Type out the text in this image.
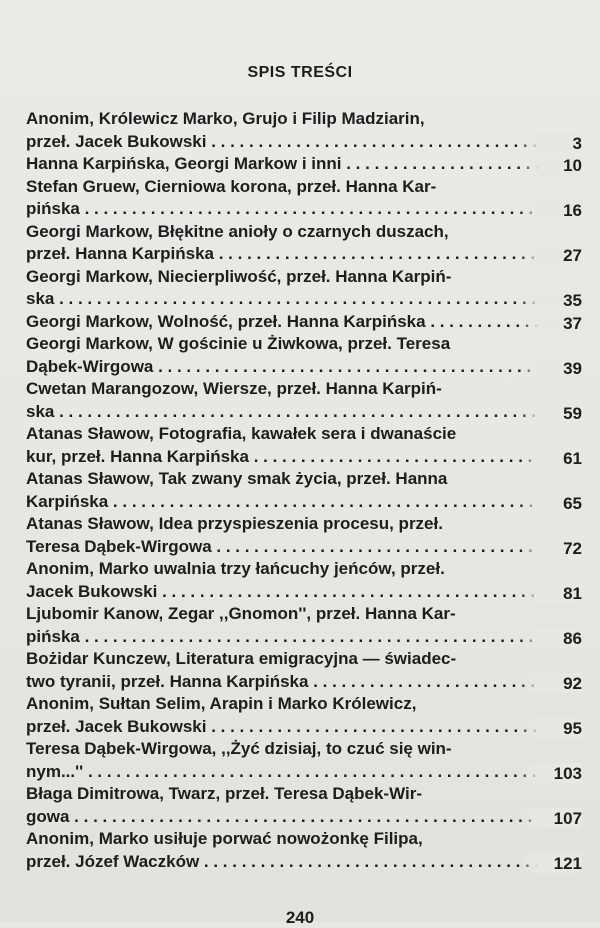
SPIS TREŚCI
Anonim, Królewicz Marko, Grujo i Filip Madziarin,
przeł. Jacek Bukowski . . .	3
Hanna Karpińska, Georgi Markow i inni . . .	10
Stefan Gruew, Cierniowa korona, przeł. Hanna Kar-
pińska . . .	16
Georgi Markow, Błękitne anioły o czarnych duszach,
przeł. Hanna Karpińska . . .	27
Georgi Markow, Niecierpliwość, przeł. Hanna Karpiń-
ska . . .	35
Georgi Markow, Wolność, przeł. Hanna Karpińska . . .	37
Georgi Markow, W gościnie u Żiwkowa, przeł. Teresa
Dąbek-Wirgowa . . .	39
Cwetan Marangozow, Wiersze, przeł. Hanna Karpiń-
ska . . .	59
Atanas Sławow, Fotografia, kawałek sera i dwanaście
kur, przeł. Hanna Karpińska . . .	61
Atanas Sławow, Tak zwany smak życia, przeł. Hanna
Karpińska . . .	65
Atanas Sławow, Idea przyspieszenia procesu, przeł.
Teresa Dąbek-Wirgowa . . .	72
Anonim, Marko uwalnia trzy łańcuchy jeńców, przeł.
Jacek Bukowski . . .	81
Ljubomir Kanow, Zegar ,,Gnomon'', przeł. Hanna Kar-
pińska . . .	86
Bożidar Kunczew, Literatura emigracyjna — świadec-
two tyranii, przeł. Hanna Karpińska . . .	92
Anonim, Sułtan Selim, Arapin i Marko Królewicz,
przeł. Jacek Bukowski . . .	95
Teresa Dąbek-Wirgowa, ,,Żyć dzisiaj, to czuć się win-
nym...'' . . .	103
Błaga Dimitrowa, Twarz, przeł. Teresa Dąbek-Wir-
gowa . . .	107
Anonim, Marko usiłuje porwać nowożonkę Filipa,
przeł. Józef Waczków . . .	121
240
